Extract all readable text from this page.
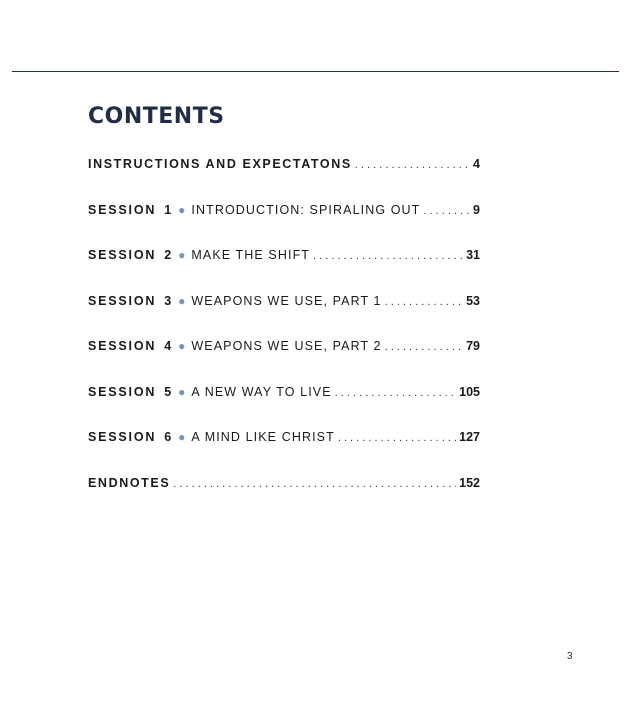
CONTENTS
INSTRUCTIONS AND EXPECTATONS . . .	4
SESSION 1 ● INTRODUCTION: SPIRALING OUT . . .	9
SESSION 2 ● MAKE THE SHIFT . . .	31
SESSION 3 ● WEAPONS WE USE, PART 1 . . .	53
SESSION 4 ● WEAPONS WE USE, PART 2 . . .	79
SESSION 5 ● A NEW WAY TO LIVE . . .	105
SESSION 6 ● A MIND LIKE CHRIST . . .	127
ENDNOTES . . .	152
3
